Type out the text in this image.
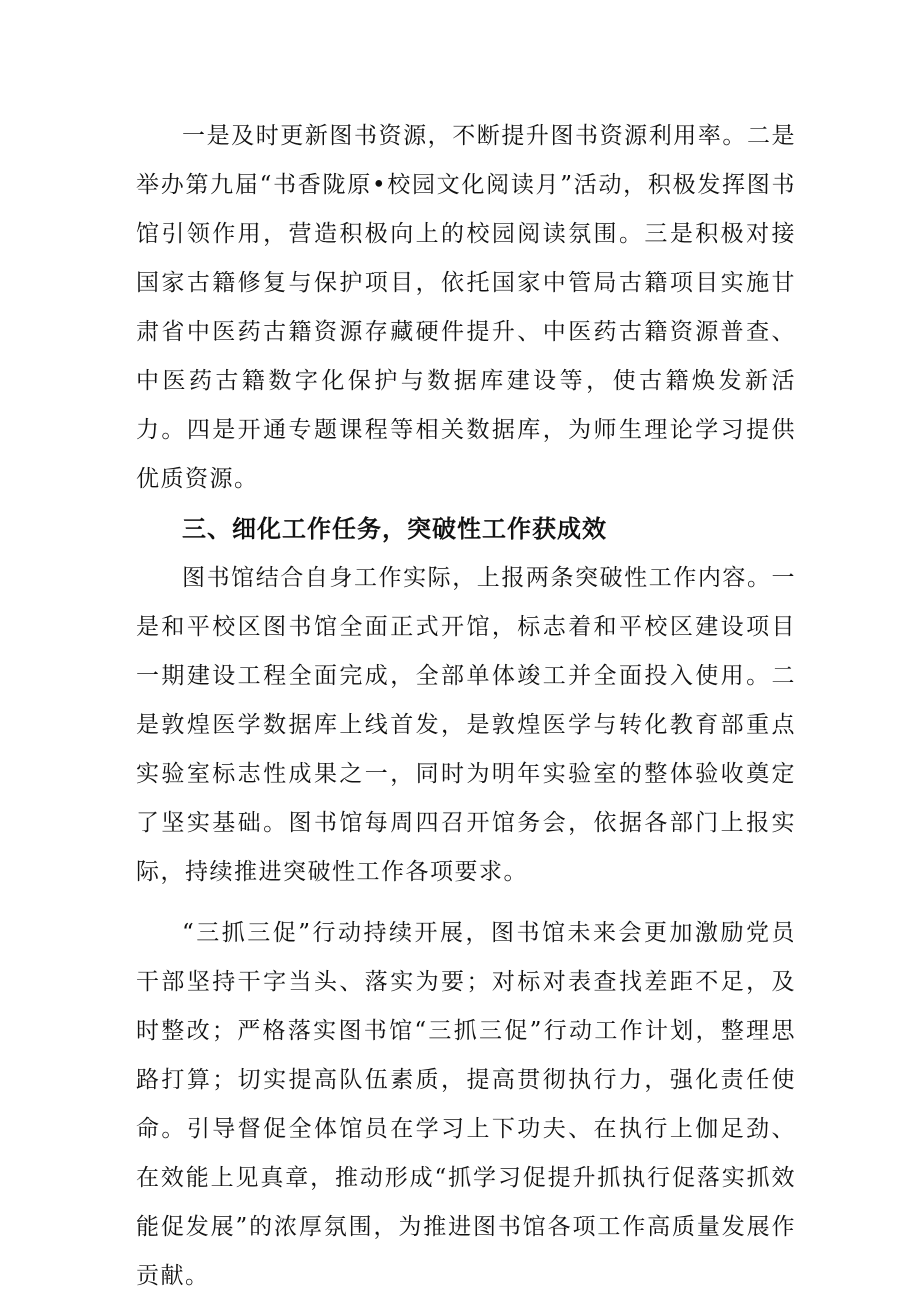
一是及时更新图书资源，不断提升图书资源利用率。二是举办第九届“书香陇原•校园文化阅读月”活动，积极发挥图书馆引领作用，营造积极向上的校园阅读氛围。三是积极对接国家古籍修复与保护项目，依托国家中管局古籍项目实施甘肃省中医药古籍资源存藏硬件提升、中医药古籍资源普查、中医药古籍数字化保护与数据库建设等，使古籍焕发新活力。四是开通专题课程等相关数据库，为师生理论学习提供优质资源。

三、细化工作任务，突破性工作获成效

图书馆结合自身工作实际，上报两条突破性工作内容。一是和平校区图书馆全面正式开馆，标志着和平校区建设项目一期建设工程全面完成，全部单体竣工并全面投入使用。二是敦煌医学数据库上线首发，是敦煌医学与转化教育部重点实验室标志性成果之一，同时为明年实验室的整体验收奠定了坚实基础。图书馆每周四召开馆务会，依据各部门上报实际，持续推进突破性工作各项要求。

“三抓三促”行动持续开展，图书馆未来会更加激励党员干部坚持干字当头、落实为要；对标对表查找差距不足，及时整改；严格落实图书馆“三抓三促”行动工作计划，整理思路打算；切实提高队伍素质，提高贯彻执行力，强化责任使命。引导督促全体馆员在学习上下功夫、在执行上伽足劲、在效能上见真章，推动形成“抓学习促提升抓执行促落实抓效能促发展”的浓厚氛围，为推进图书馆各项工作高质量发展作贡献。
